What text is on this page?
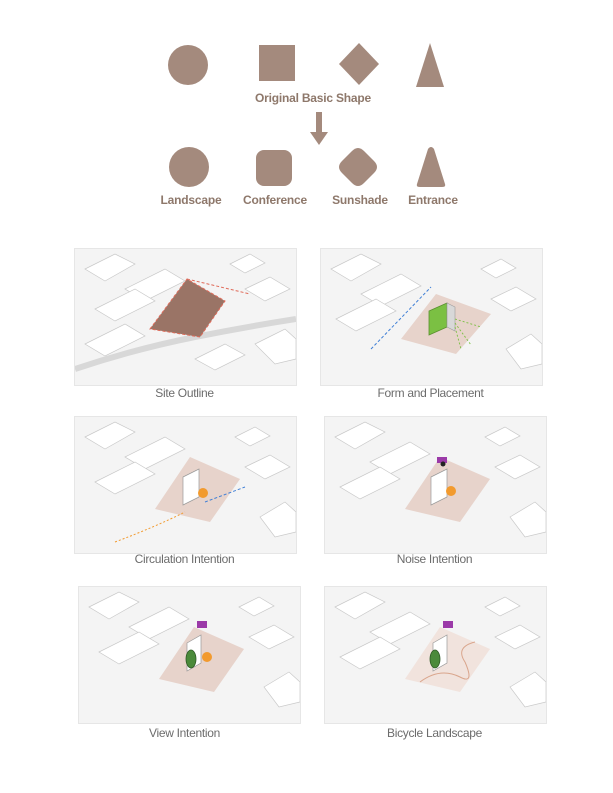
Original Basic Shape
Landscape	Conference	Sunshade	Entrance
Site Outline	Form and Placement
Circulation Intention	Noise Intention
View Intention	Bicycle Landscape
